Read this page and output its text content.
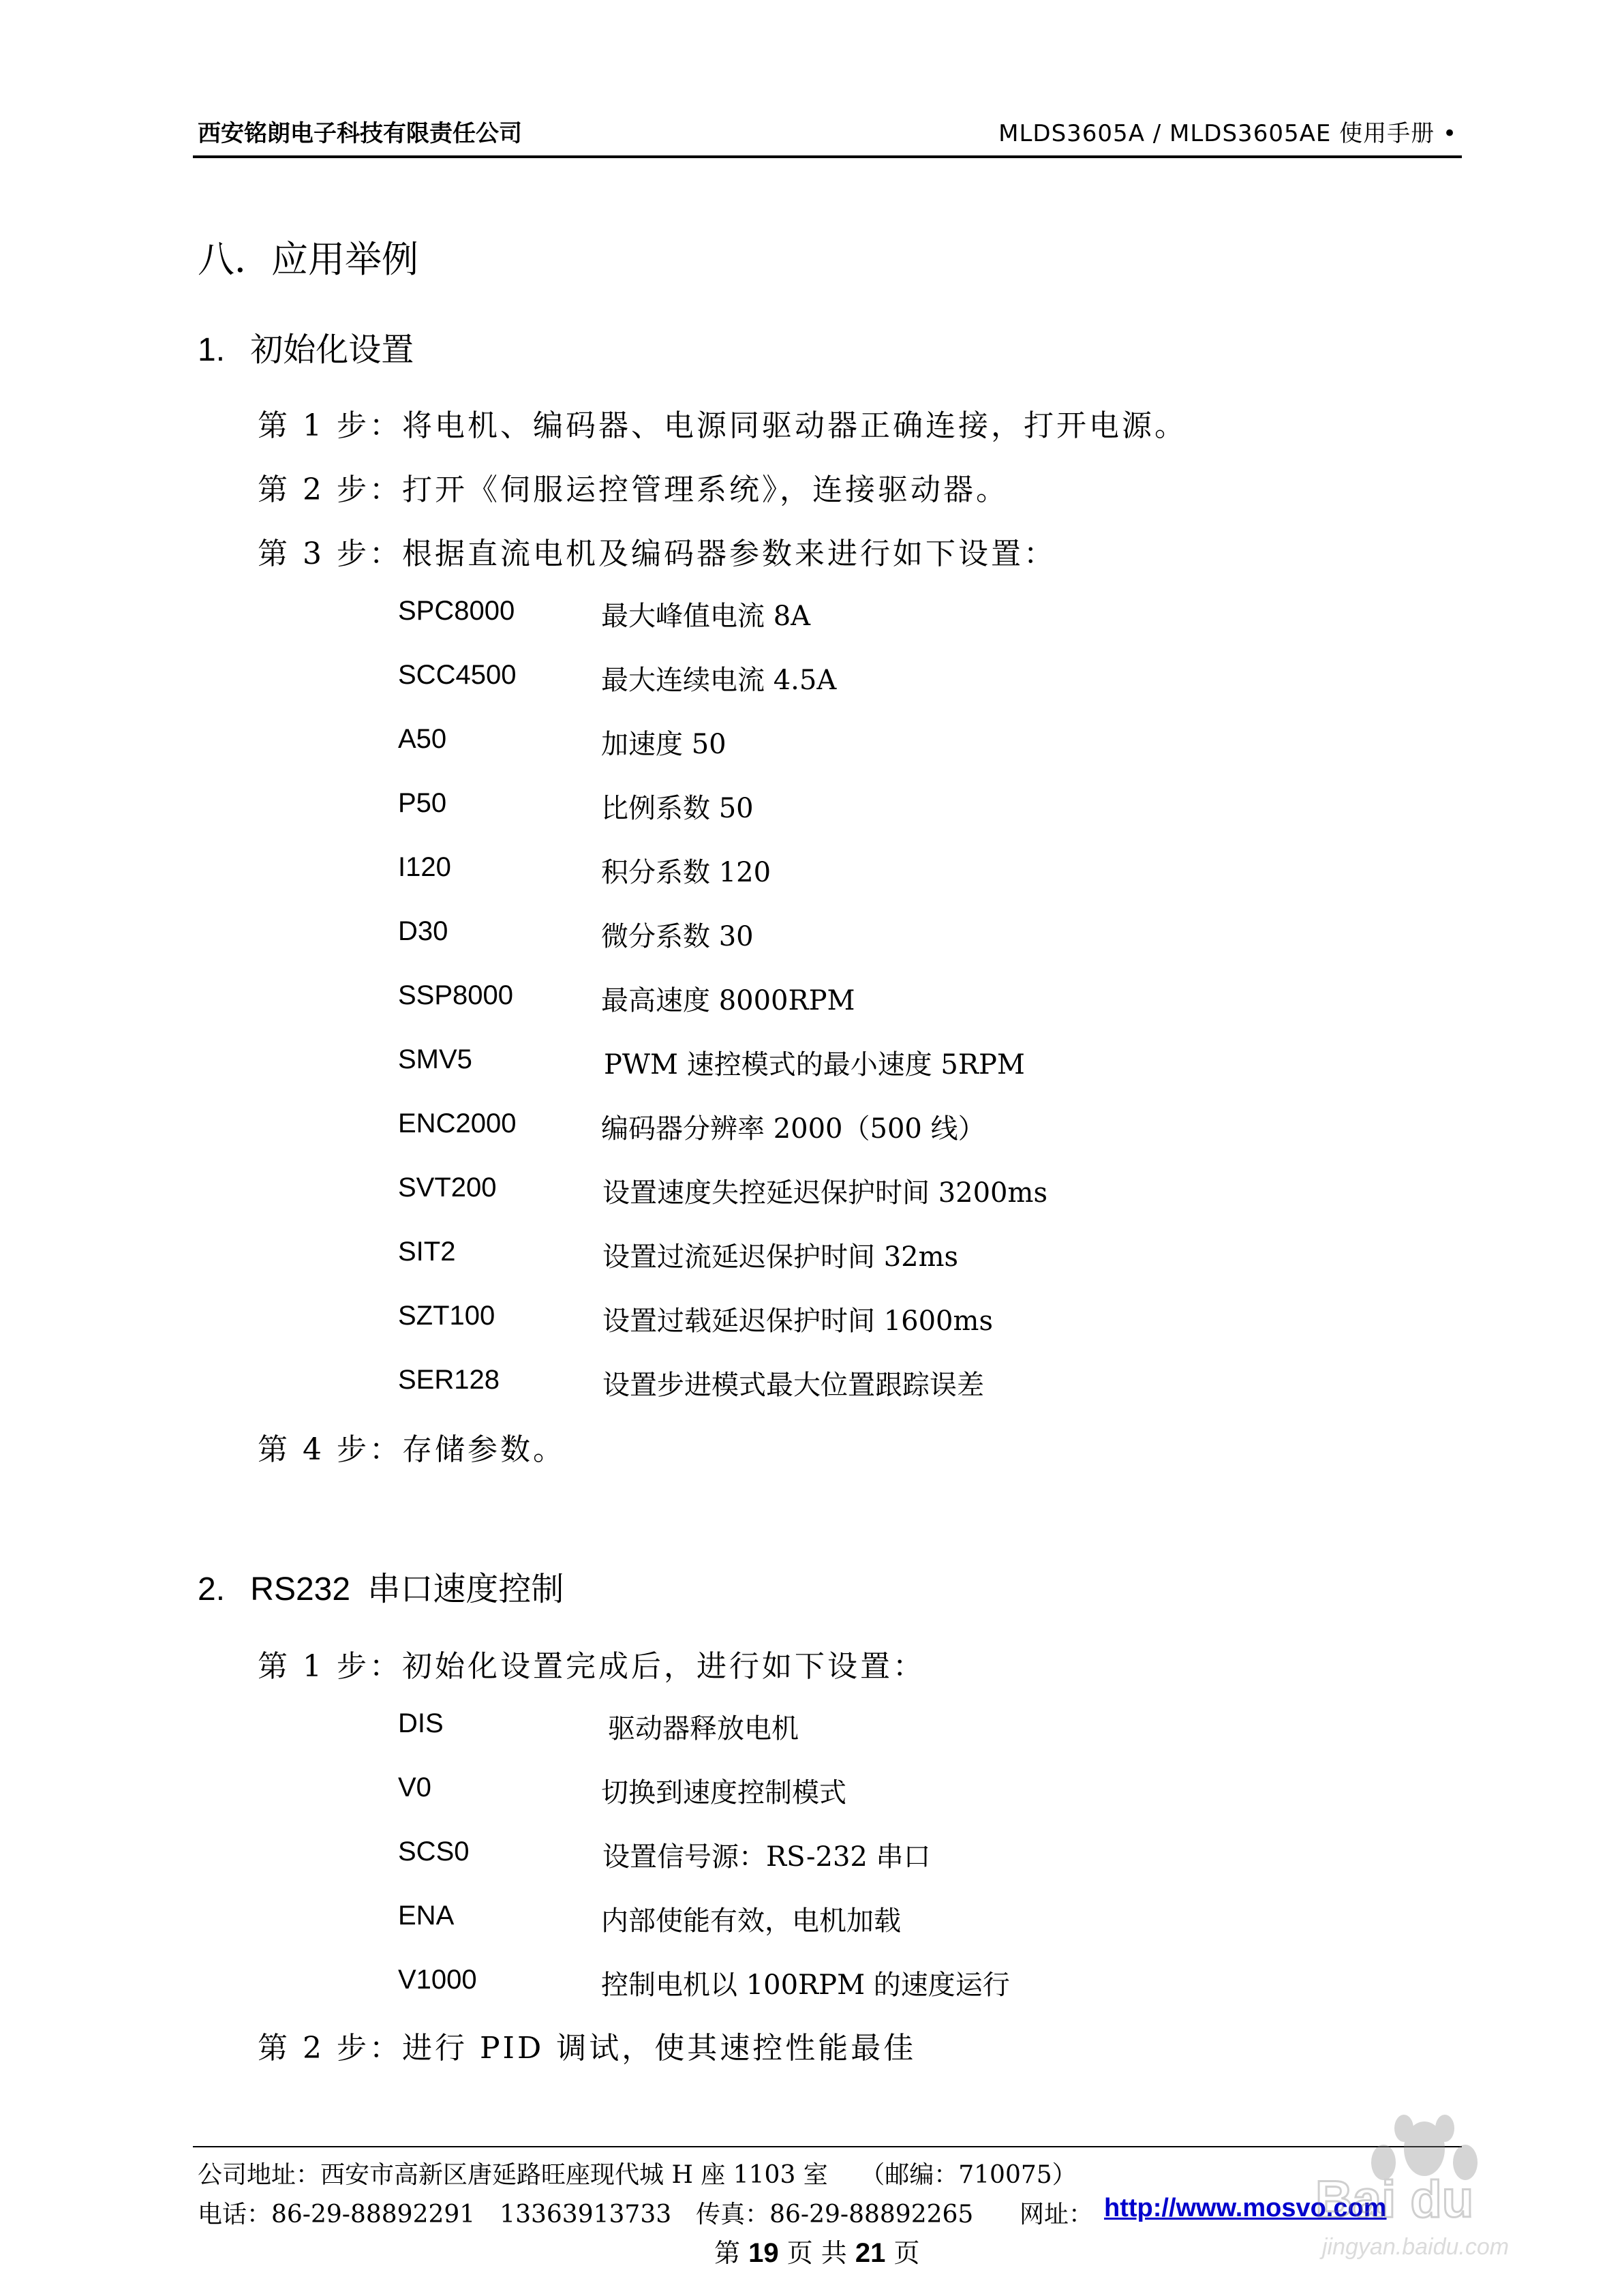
西安铭朗电子科技有限责任公司	MLDS3605A / MLDS3605AE 使用手册 •
八．应用举例
1. 初始化设置
第 1 步：将电机、编码器、电源同驱动器正确连接，打开电源。
第 2 步：打开《伺服运控管理系统》，连接驱动器。
第 3 步：根据直流电机及编码器参数来进行如下设置：
SPC8000	最大峰值电流 8A
SCC4500	最大连续电流 4.5A
A50	加速度 50
P50	比例系数 50
I120	积分系数 120
D30	微分系数 30
SSP8000	最高速度 8000RPM
SMV5	PWM 速控模式的最小速度 5RPM
ENC2000	编码器分辨率 2000（500 线）
SVT200	设置速度失控延迟保护时间 3200ms
SIT2	设置过流延迟保护时间 32ms
SZT100	设置过载延迟保护时间 1600ms
SER128	设置步进模式最大位置跟踪误差
第 4 步：存储参数。
2. RS232 串口速度控制
第 1 步：初始化设置完成后，进行如下设置：
DIS	驱动器释放电机
V0	切换到速度控制模式
SCS0	设置信号源：RS-232 串口
ENA	内部使能有效，电机加载
V1000	控制电机以 100RPM 的速度运行
第 2 步：进行 PID 调试，使其速控性能最佳
公司地址：西安市高新区唐延路旺座现代城 H 座 1103 室　 （邮编：710075）
电话：86-29-88892291　13363913733　传真：86-29-88892265 网址： http://www.mosvo.com
第 19 页 共 21 页
Bai du
jingyan.baidu.com
